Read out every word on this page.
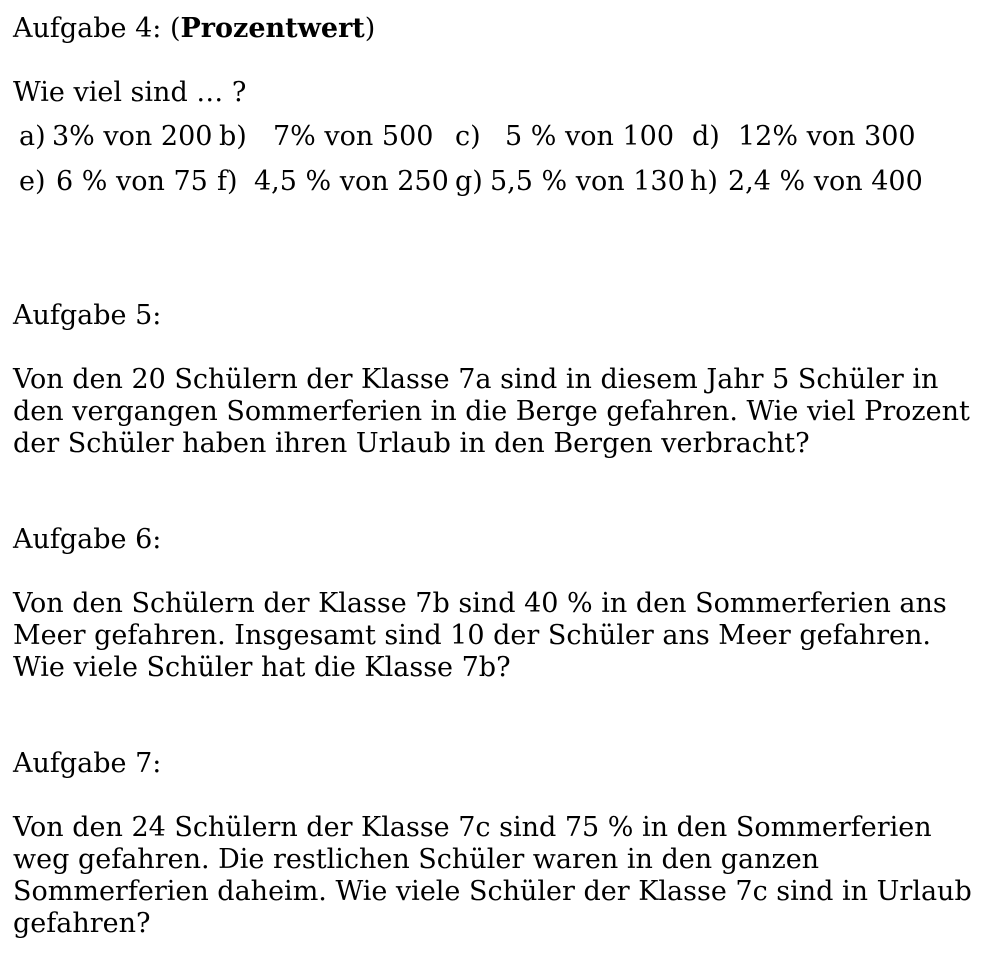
Aufgabe 4: (Prozentwert)
Wie viel sind … ?
a) 3% von 200 b) 7% von 500 c) 5 % von 100 d) 12% von 300
e) 6 % von 75 f) 4,5 % von 250 g) 5,5 % von 130 h) 2,4 % von 400
Aufgabe 5:
Von den 20 Schülern der Klasse 7a sind in diesem Jahr 5 Schüler in
den vergangen Sommerferien in die Berge gefahren. Wie viel Prozent
der Schüler haben ihren Urlaub in den Bergen verbracht?
Aufgabe 6:
Von den Schülern der Klasse 7b sind 40 % in den Sommerferien ans
Meer gefahren. Insgesamt sind 10 der Schüler ans Meer gefahren.
Wie viele Schüler hat die Klasse 7b?
Aufgabe 7:
Von den 24 Schülern der Klasse 7c sind 75 % in den Sommerferien
weg gefahren. Die restlichen Schüler waren in den ganzen
Sommerferien daheim. Wie viele Schüler der Klasse 7c sind in Urlaub
gefahren?
